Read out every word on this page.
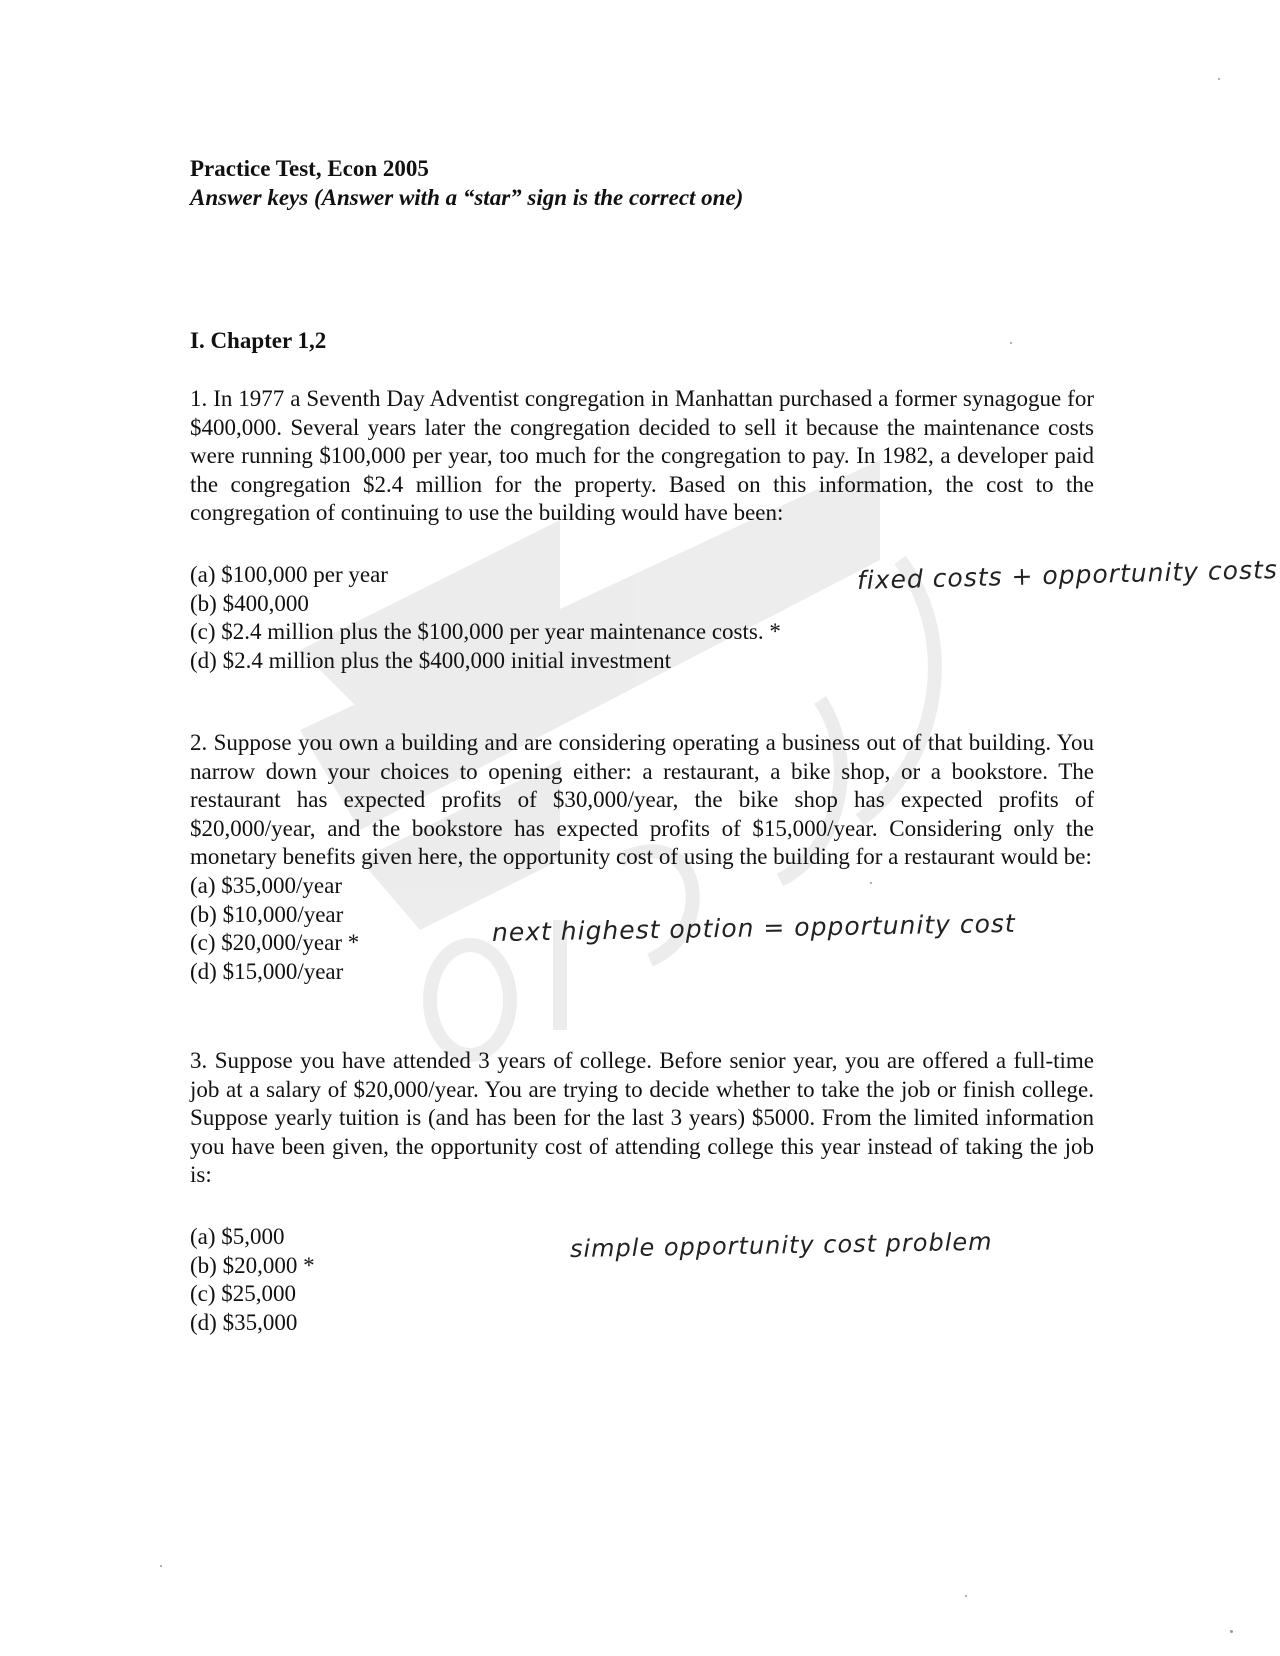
Practice Test, Econ 2005

Answer keys (Answer with a “star” sign is the correct one)

I. Chapter 1,2

1. In 1977 a Seventh Day Adventist congregation in Manhattan purchased a former synagogue for $400,000. Several years later the congregation decided to sell it because the maintenance costs were running $100,000 per year, too much for the congregation to pay. In 1982, a developer paid the congregation $2.4 million for the property. Based on this information, the cost to the congregation of continuing to use the building would have been:

(a) $100,000 per year
(b) $400,000
(c) $2.4 million plus the $100,000 per year maintenance costs. *
(d) $2.4 million plus the $400,000 initial investment

2. Suppose you own a building and are considering operating a business out of that building. You narrow down your choices to opening either: a restaurant, a bike shop, or a bookstore. The restaurant has expected profits of $30,000/year, the bike shop has expected profits of $20,000/year, and the bookstore has expected profits of $15,000/year. Considering only the monetary benefits given here, the opportunity cost of using the building for a restaurant would be:

(a) $35,000/year
(b) $10,000/year
(c) $20,000/year *
(d) $15,000/year

3. Suppose you have attended 3 years of college. Before senior year, you are offered a full-time job at a salary of $20,000/year. You are trying to decide whether to take the job or finish college. Suppose yearly tuition is (and has been for the last 3 years) $5000. From the limited information you have been given, the opportunity cost of attending college this year instead of taking the job is:

(a) $5,000
(b) $20,000 *
(c) $25,000
(d) $35,000
fixed costs + opportunity costs
next highest option = opportunity cost
simple opportunity cost problem
